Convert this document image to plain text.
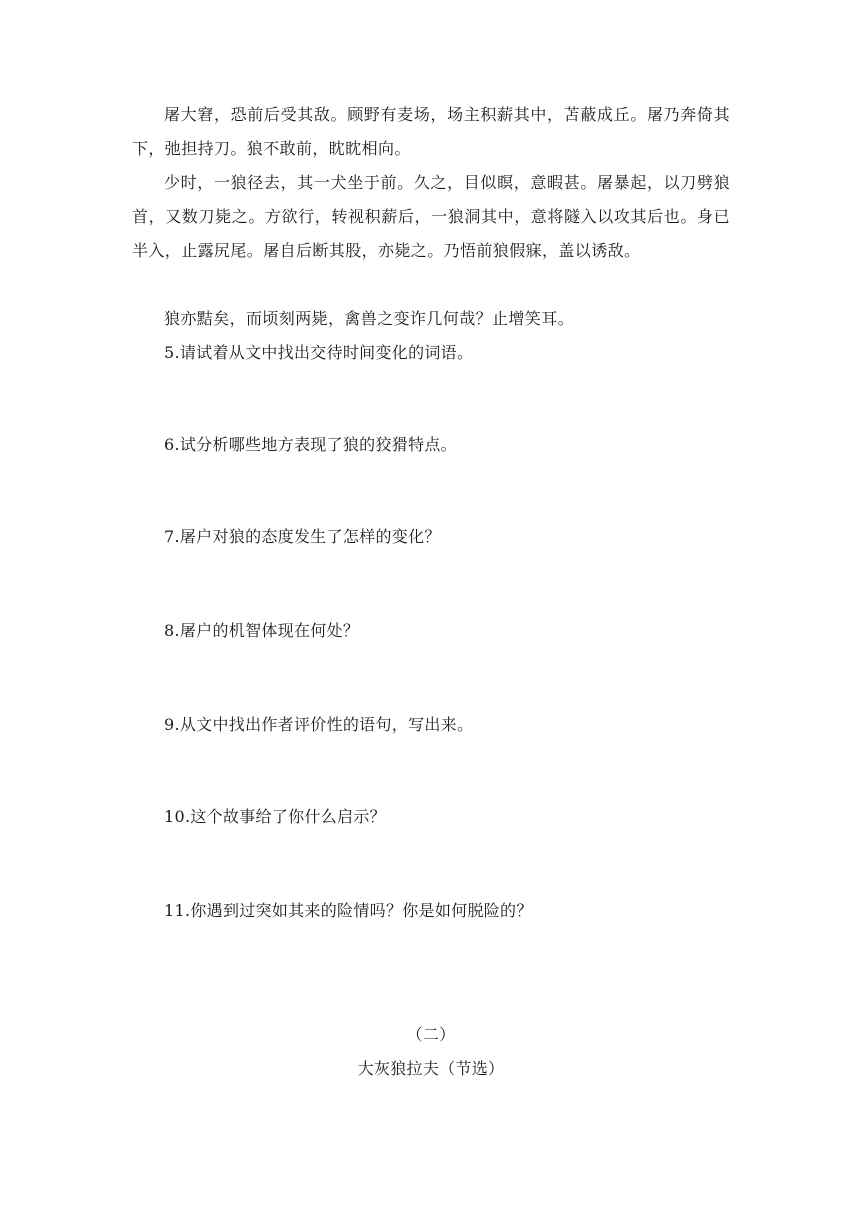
屠大窘，恐前后受其敌。顾野有麦场，场主积薪其中，苫蔽成丘。屠乃奔倚其下，弛担持刀。狼不敢前，眈眈相向。

少时，一狼径去，其一犬坐于前。久之，目似瞑，意暇甚。屠暴起，以刀劈狼首，又数刀毙之。方欲行，转视积薪后，一狼洞其中，意将隧入以攻其后也。身已半入，止露尻尾。屠自后断其股，亦毙之。乃悟前狼假寐，盖以诱敌。

狼亦黠矣，而顷刻两毙，禽兽之变诈几何哉？止增笑耳。

5.请试着从文中找出交待时间变化的词语。

6.试分析哪些地方表现了狼的狡猾特点。

7.屠户对狼的态度发生了怎样的变化？

8.屠户的机智体现在何处？

9.从文中找出作者评价性的语句，写出来。

10.这个故事给了你什么启示？

11.你遇到过突如其来的险情吗？你是如何脱险的？

（二）

大灰狼拉夫（节选）
